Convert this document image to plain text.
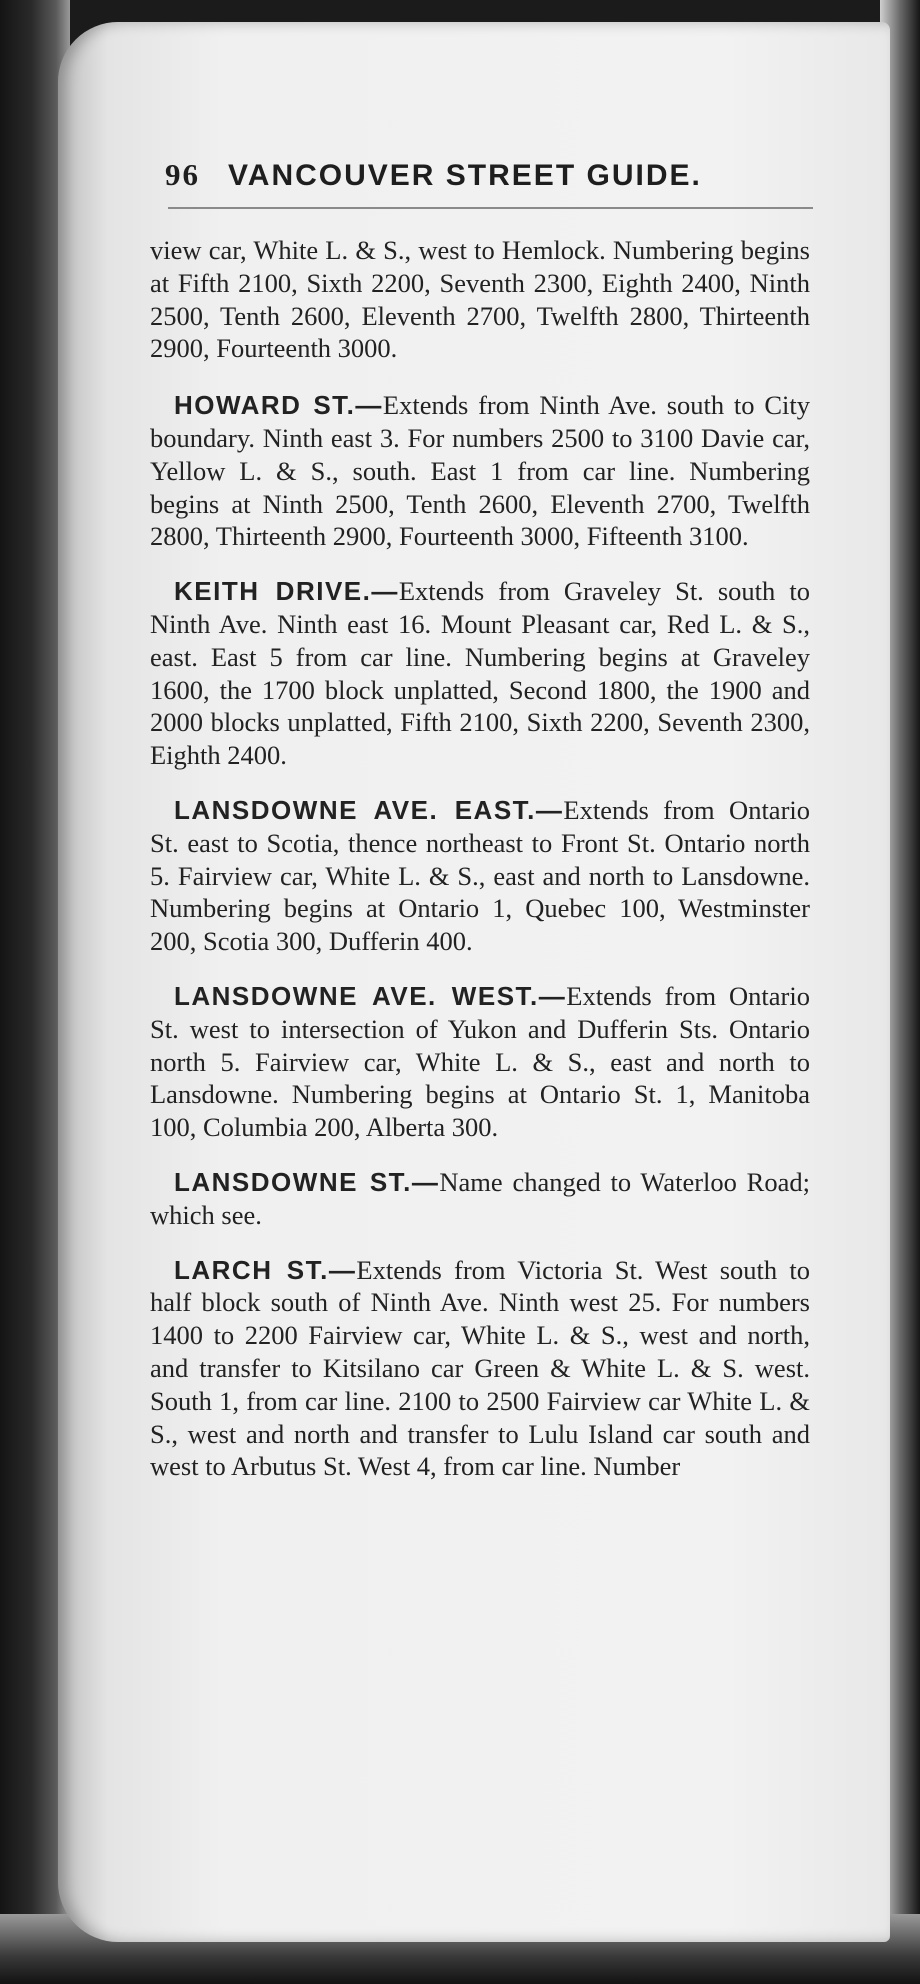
96 VANCOUVER STREET GUIDE.

view car, White L. & S., west to Hemlock. Numbering begins at Fifth 2100, Sixth 2200, Seventh 2300, Eighth 2400, Ninth 2500, Tenth 2600, Eleventh 2700, Twelfth 2800, Thirteenth 2900, Fourteenth 3000.

HOWARD ST.—Extends from Ninth Ave. south to City boundary. Ninth east 3. For numbers 2500 to 3100 Davie car, Yellow L. & S., south. East 1 from car line. Numbering begins at Ninth 2500, Tenth 2600, Eleventh 2700, Twelfth 2800, Thirteenth 2900, Fourteenth 3000, Fifteenth 3100.

KEITH DRIVE.—Extends from Graveley St. south to Ninth Ave. Ninth east 16. Mount Pleasant car, Red L. & S., east. East 5 from car line. Numbering begins at Graveley 1600, the 1700 block unplatted, Second 1800, the 1900 and 2000 blocks unplatted, Fifth 2100, Sixth 2200, Seventh 2300, Eighth 2400.

LANSDOWNE AVE. EAST.—Extends from Ontario St. east to Scotia, thence northeast to Front St. Ontario north 5. Fairview car, White L. & S., east and north to Lansdowne. Numbering begins at Ontario 1, Quebec 100, Westminster 200, Scotia 300, Dufferin 400.

LANSDOWNE AVE. WEST.—Extends from Ontario St. west to intersection of Yukon and Dufferin Sts. Ontario north 5. Fairview car, White L. & S., east and north to Lansdowne. Numbering begins at Ontario St. 1, Manitoba 100, Columbia 200, Alberta 300.

LANSDOWNE ST.—Name changed to Waterloo Road; which see.

LARCH ST.—Extends from Victoria St. West south to half block south of Ninth Ave. Ninth west 25. For numbers 1400 to 2200 Fairview car, White L. & S., west and north, and transfer to Kitsilano car Green & White L. & S. west. South 1, from car line. 2100 to 2500 Fairview car White L. & S., west and north and transfer to Lulu Island car south and west to Arbutus St. West 4, from car line. Number
